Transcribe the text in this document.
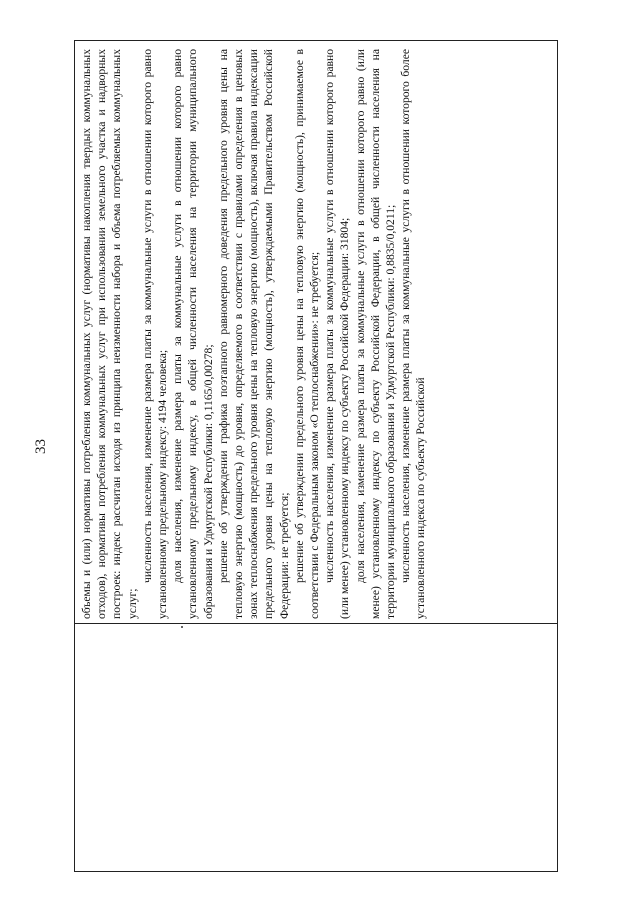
33	объемы и (или) нормативы потребления коммунальных услуг (нормативы накопления твердых коммунальных отходов), нормативы потребления коммунальных услуг при использовании земельного участка и надворных построек: индекс рассчитан исходя из принципа неизменности набора и объема потребляемых коммунальных услуг;

численность населения, изменение размера платы за коммунальные услуги в отношении которого равно установленному предельному индексу: 4194 человека; доля населения, изменение размера платы за коммунальные услуги в отношении которого равно установленному предельному индексу, в общей численности населения на территории муниципального образования и Удмуртской Республики: 0,1165/0,00278; решение об утверждении графика поэтапного равномерного доведения предельного уровня цены на тепловую энергию (мощность) до уровня, определяемого в соответствии с правилами определения в ценовых зонах теплоснабжения предельного уровня цены на тепловую энергию (мощность), включая правила индексации предельного уровня цены на тепловую энергию (мощность), утверждаемыми Правительством Российской Федерации: не требуется; решение об утверждении предельного уровня цены на тепловую энергию (мощность), принимаемое в соответствии с Федеральным законом «О теплоснабжении»: не требуется; численность населения, изменение размера платы за коммунальные услуги в отношении которого равно (или менее) установленному индексу по субъекту Российской Федерации: 31804; доля населения, изменение размера платы за коммунальные услуги в отношении которого равно (или менее) установленному индексу по субъекту Российской Федерации, в общей численности населения на территории муниципального образования и Удмуртской Республики: 0,8835/0,0211; численность населения, изменение размера платы за коммунальные услуги в отношении которого более установленного индекса по субъекту Российской
